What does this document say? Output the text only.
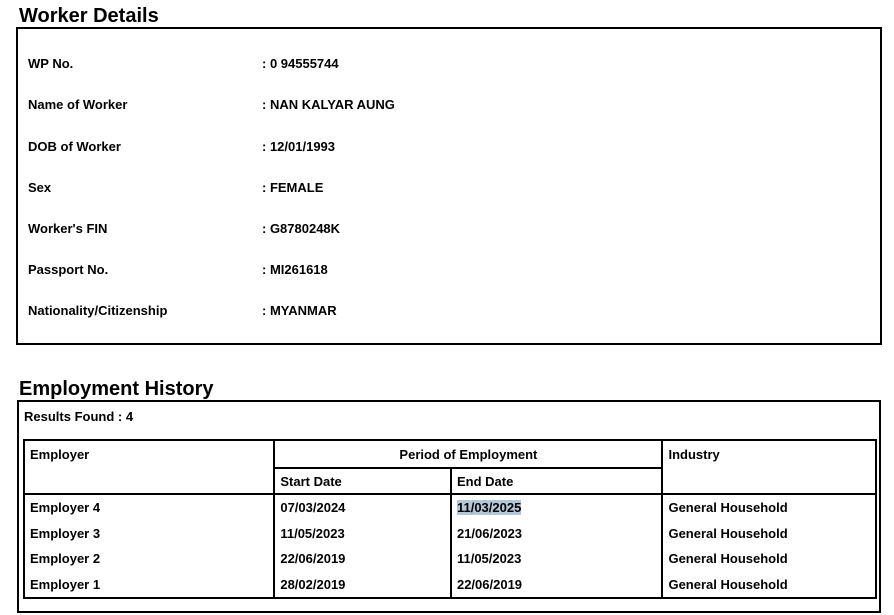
Worker Details
WP No.	: 0 94555744
Name of Worker	: NAN KALYAR AUNG
DOB of Worker	: 12/01/1993
Sex	: FEMALE
Worker's FIN	: G8780248K
Passport No.	: MI261618
Nationality/Citizenship	: MYANMAR
Employment History
Results Found : 4
Employer	Period of Employment		Industry
	Start Date	End Date	
Employer 4	07/03/2024	11/03/2025	General Household
Employer 3	11/05/2023	21/06/2023	General Household
Employer 2	22/06/2019	11/05/2023	General Household
Employer 1	28/02/2019	22/06/2019	General Household
